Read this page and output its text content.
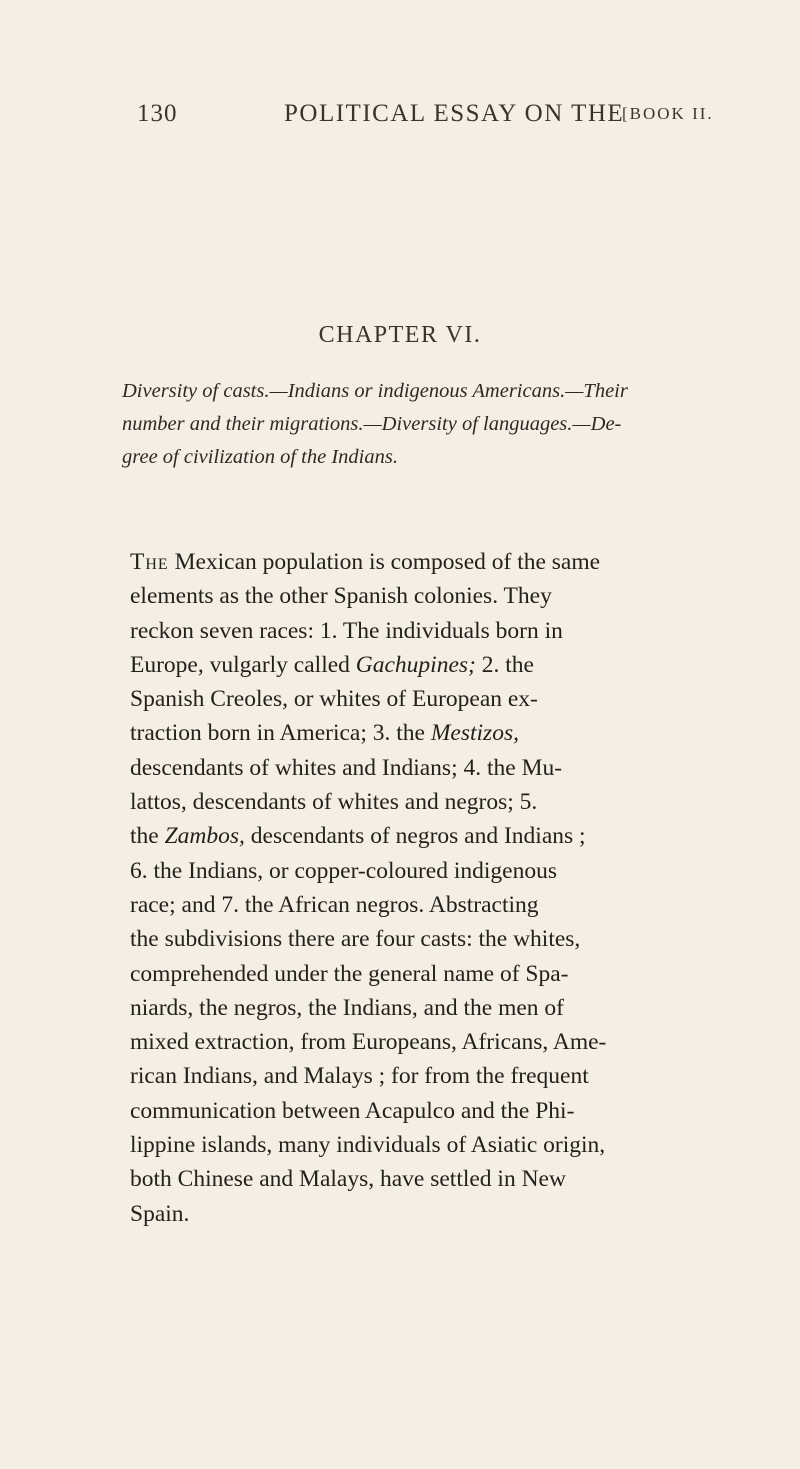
130	POLITICAL ESSAY ON THE
[BOOK II.
CHAPTER VI.
Diversity of casts.—Indians or indigenous Americans.—Their
number and their migrations.—Diversity of languages.—De-
gree of civilization of the Indians.
The Mexican population is composed of the same
elements as the other Spanish colonies. They
reckon seven races: 1. The individuals born in
Europe, vulgarly called Gachupines; 2. the
Spanish Creoles, or whites of European ex-
traction born in America; 3. the Mestizos,
descendants of whites and Indians; 4. the Mu-
lattos, descendants of whites and negros; 5.
the Zambos, descendants of negros and Indians ;
6. the Indians, or copper-coloured indigenous
race; and 7. the African negros. Abstracting
the subdivisions there are four casts: the whites,
comprehended under the general name of Spa-
niards, the negros, the Indians, and the men of
mixed extraction, from Europeans, Africans, Ame-
rican Indians, and Malays ; for from the frequent
communication between Acapulco and the Phi-
lippine islands, many individuals of Asiatic origin,
both Chinese and Malays, have settled in New
Spain.
